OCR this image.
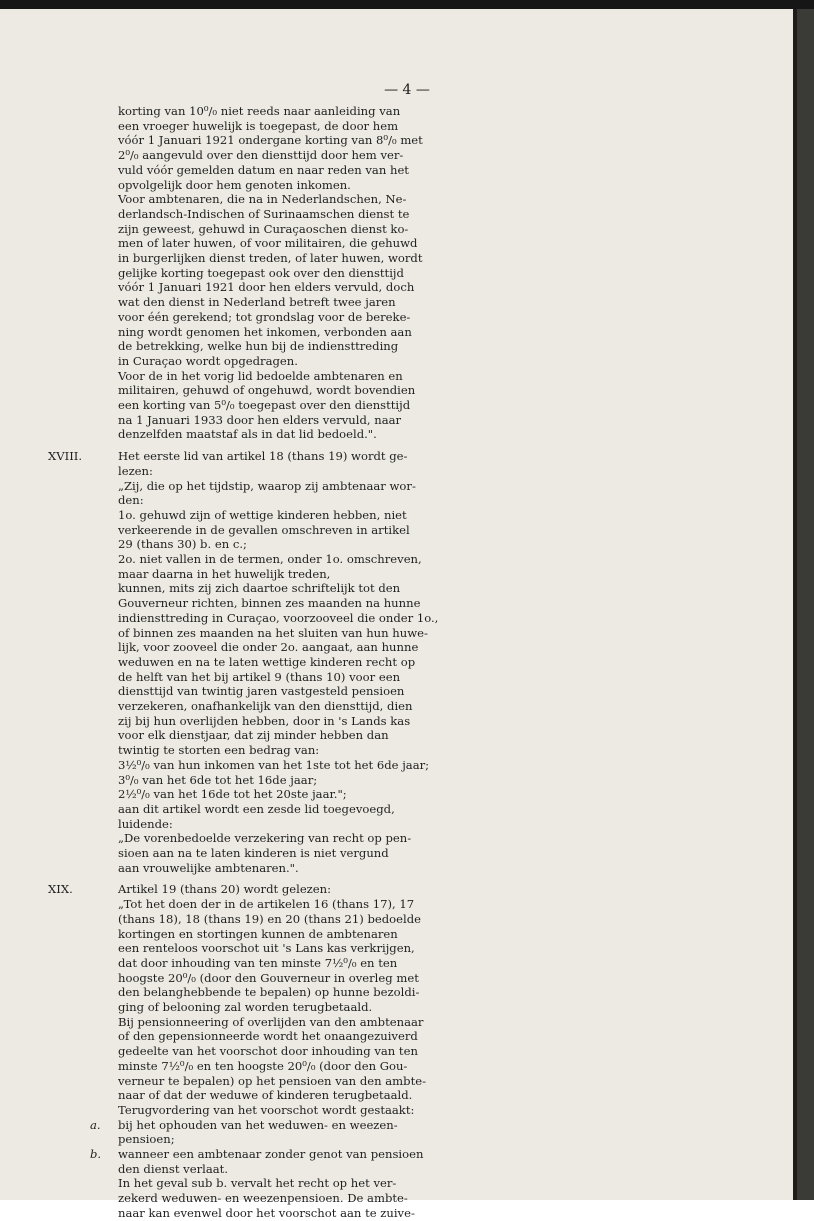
— 4 —

korting van 10⁰/₀ niet reeds naar aanleiding van

een vroeger huwelijk is toegepast, de door hem

vóór 1 Januari 1921 ondergane korting van 8⁰/₀ met

2⁰/₀ aangevuld over den diensttijd door hem ver-

vuld vóór gemelden datum en naar reden van het

opvolgelijk door hem genoten inkomen.

Voor ambtenaren, die na in Nederlandschen, Ne-

derlandsch-Indischen of Surinaamschen dienst te

zijn geweest, gehuwd in Curaçaoschen dienst ko-

men of later huwen, of voor militairen, die gehuwd

in burgerlijken dienst treden, of later huwen, wordt

gelijke korting toegepast ook over den diensttijd

vóór 1 Januari 1921 door hen elders vervuld, doch

wat den dienst in Nederland betreft twee jaren

voor één gerekend; tot grondslag voor de bereke-

ning wordt genomen het inkomen, verbonden aan

de betrekking, welke hun bij de indiensttreding

in Curaçao wordt opgedragen.

Voor de in het vorig lid bedoelde ambtenaren en

militairen, gehuwd of ongehuwd, wordt bovendien

een korting van 5⁰/₀ toegepast over den diensttijd

na 1 Januari 1933 door hen elders vervuld, naar

denzelfden maatstaf als in dat lid bedoeld.".

XVIII.	Het eerste lid van artikel 18 (thans 19) wordt ge-

lezen:

„Zij, die op het tijdstip, waarop zij ambtenaar wor-

den:

1o. gehuwd zijn of wettige kinderen hebben, niet

verkeerende in de gevallen omschreven in artikel

29 (thans 30) b. en c.;

2o. niet vallen in de termen, onder 1o. omschreven,

maar daarna in het huwelijk treden,

kunnen, mits zij zich daartoe schriftelijk tot den

Gouverneur richten, binnen zes maanden na hunne

indiensttreding in Curaçao, voorzooveel die onder 1o.,

of binnen zes maanden na het sluiten van hun huwe-

lijk, voor zooveel die onder 2o. aangaat, aan hunne

weduwen en na te laten wettige kinderen recht op

de helft van het bij artikel 9 (thans 10) voor een

diensttijd van twintig jaren vastgesteld pensioen

verzekeren, onafhankelijk van den diensttijd, dien

zij bij hun overlijden hebben, door in 's Lands kas

voor elk dienstjaar, dat zij minder hebben dan

twintig te storten een bedrag van:

3½⁰/₀ van hun inkomen van het 1ste tot het 6de jaar;

3⁰/₀ van het 6de tot het 16de jaar;

2½⁰/₀ van het 16de tot het 20ste jaar.";

aan dit artikel wordt een zesde lid toegevoegd,

luidende:

„De vorenbedoelde verzekering van recht op pen-

sioen aan na te laten kinderen is niet vergund

aan vrouwelijke ambtenaren.".

XIX.	Artikel 19 (thans 20) wordt gelezen:

„Tot het doen der in de artikelen 16 (thans 17), 17

(thans 18), 18 (thans 19) en 20 (thans 21) bedoelde

kortingen en stortingen kunnen de ambtenaren

een renteloos voorschot uit 's Lans kas verkrijgen,

dat door inhouding van ten minste 7½⁰/₀ en ten

hoogste 20⁰/₀ (door den Gouverneur in overleg met

den belanghebbende te bepalen) op hunne bezoldi-

ging of belooning zal worden terugbetaald.

Bij pensionneering of overlijden van den ambtenaar

of den gepensionneerde wordt het onaangezuiverd

gedeelte van het voorschot door inhouding van ten

minste 7½⁰/₀ en ten hoogste 20⁰/₀ (door den Gou-

verneur te bepalen) op het pensioen van den ambte-

naar of dat der weduwe of kinderen terugbetaald.

Terugvordering van het voorschot wordt gestaakt:

a. bij het ophouden van het weduwen- en weezen-

pensioen;

b. wanneer een ambtenaar zonder genot van pensioen

den dienst verlaat.

In het geval sub b. vervalt het recht op het ver-

zekerd weduwen- en weezenpensioen. De ambte-

naar kan evenwel door het voorschot aan te zuive-
